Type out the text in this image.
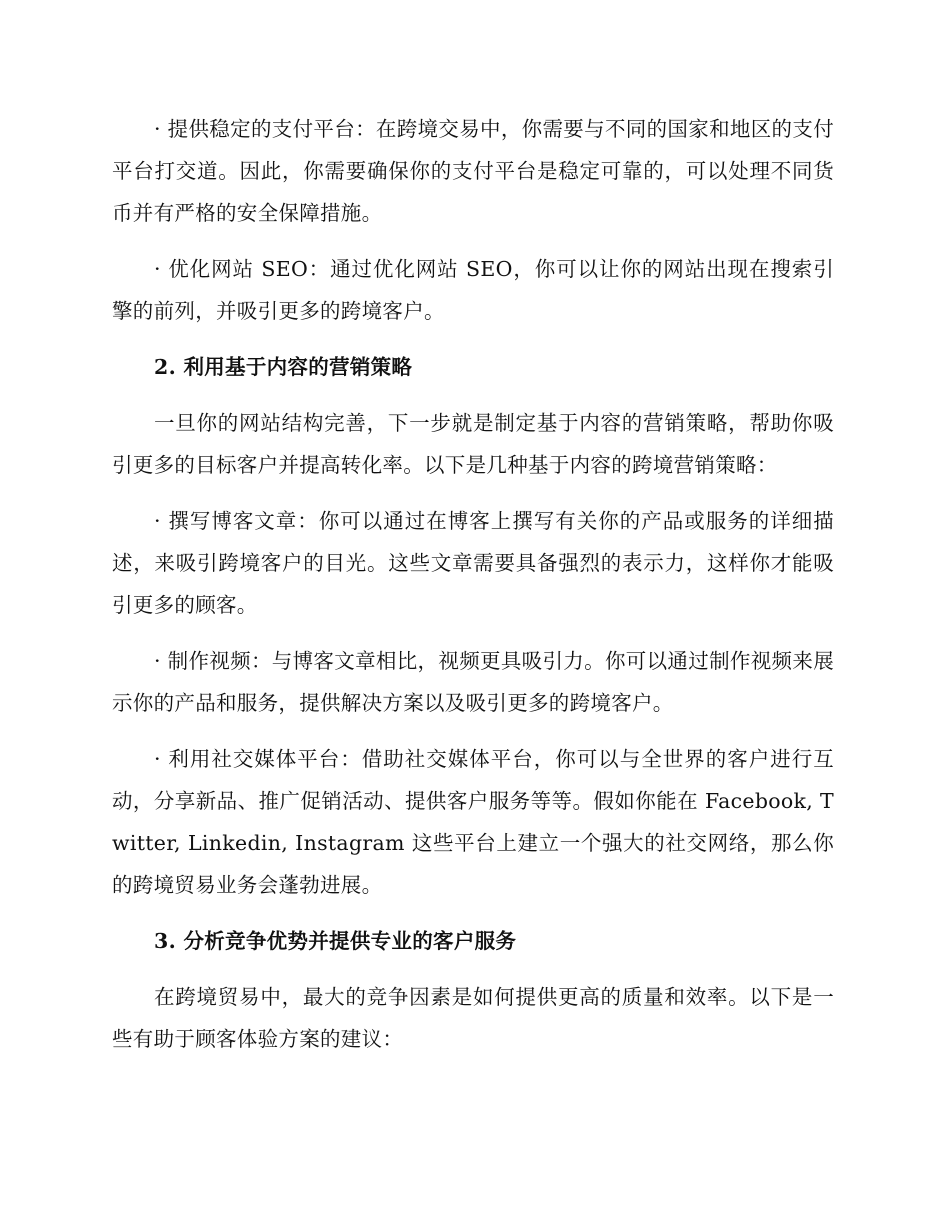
· 提供稳定的支付平台：在跨境交易中，你需要与不同的国家和地区的支付平台打交道。因此，你需要确保你的支付平台是稳定可靠的，可以处理不同货币并有严格的安全保障措施。

· 优化网站 SEO：通过优化网站 SEO，你可以让你的网站出现在搜索引擎的前列，并吸引更多的跨境客户。

2. 利用基于内容的营销策略

一旦你的网站结构完善，下一步就是制定基于内容的营销策略，帮助你吸引更多的目标客户并提高转化率。以下是几种基于内容的跨境营销策略：

· 撰写博客文章：你可以通过在博客上撰写有关你的产品或服务的详细描述，来吸引跨境客户的目光。这些文章需要具备强烈的表示力，这样你才能吸引更多的顾客。

· 制作视频：与博客文章相比，视频更具吸引力。你可以通过制作视频来展示你的产品和服务，提供解决方案以及吸引更多的跨境客户。

· 利用社交媒体平台：借助社交媒体平台，你可以与全世界的客户进行互动，分享新品、推广促销活动、提供客户服务等等。假如你能在 Facebook, Twitter, Linkedin, Instagram 这些平台上建立一个强大的社交网络，那么你的跨境贸易业务会蓬勃进展。

3. 分析竞争优势并提供专业的客户服务

在跨境贸易中，最大的竞争因素是如何提供更高的质量和效率。以下是一些有助于顾客体验方案的建议：
